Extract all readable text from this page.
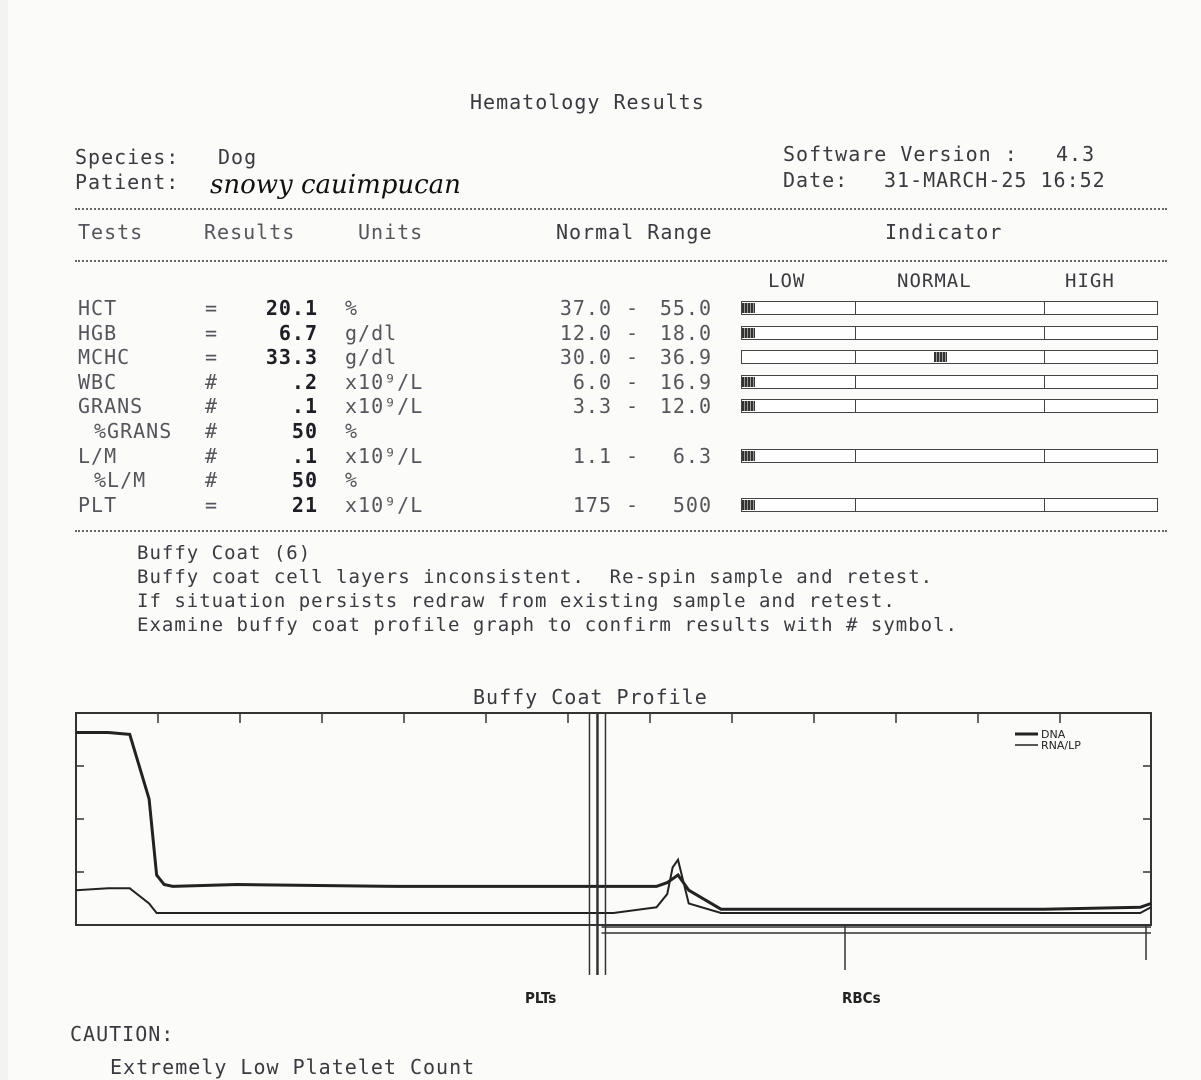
Hematology Results
Species: Dog
Patient: snowy cauimpucan
Software Version : 4.3
Date: 31-MARCH-25 16:52
Tests	Results	Units	Normal Range	Indicator
LOW	NORMAL	HIGH
HCT	=	20.1 %	37.0 -	55.0
HGB	=	6.7 g/dl	12.0 -	18.0
MCHC	=	33.3 g/dl	30.0 -	36.9
WBC	#	.2 x10⁹/L	6.0 -	16.9
GRANS	#	.1 x10⁹/L	3.3 -	12.0
%GRANS #	50 %
L/M	#	.1 x10⁹/L	1.1 -	6.3
%L/M	#	50 %
PLT	=	21 x10⁹/L	175 -	500
Buffy Coat (6)
Buffy coat cell layers inconsistent.  Re-spin sample and retest.
If situation persists redraw from existing sample and retest.
Examine buffy coat profile graph to confirm results with # symbol.
Buffy Coat Profile
PLTs	RBCs
DNA
RNA/LP
CAUTION:
Extremely Low Platelet Count
